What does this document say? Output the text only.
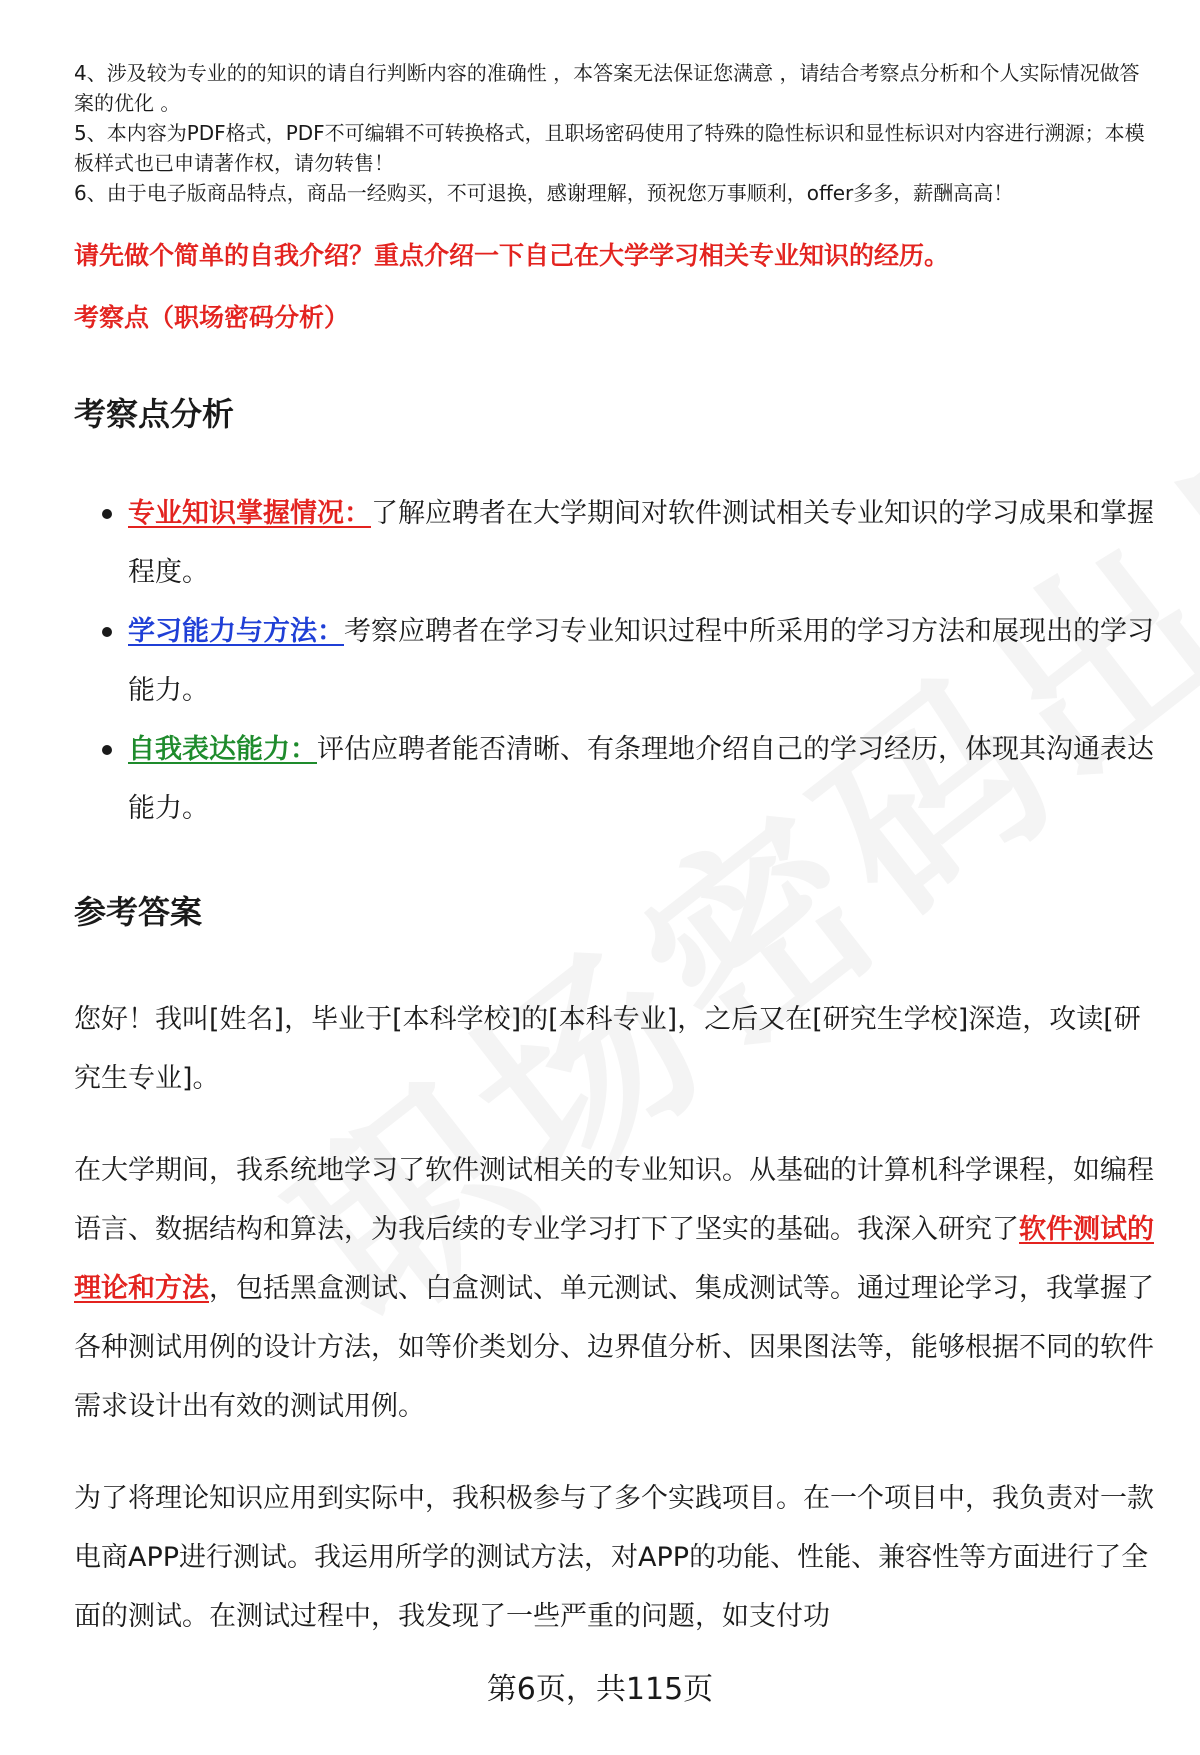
4、涉及较为专业的的知识的请自行判断内容的准确性 ，本答案无法保证您满意 ，请结合考察点分析和个人实际情况做答案的优化 。

5、本内容为PDF格式，PDF不可编辑不可转换格式，且职场密码使用了特殊的隐性标识和显性标识对内容进行溯源；本模板样式也已申请著作权，请勿转售！

6、由于电子版商品特点，商品一经购买，不可退换，感谢理解，预祝您万事顺利，offer多多，薪酬高高！

请先做个简单的自我介绍？重点介绍一下自己在大学学习相关专业知识的经历。
考察点（职场密码分析）
考察点分析
专业知识掌握情况：了解应聘者在大学期间对软件测试相关专业知识的学习成果和掌握程度。
学习能力与方法：考察应聘者在学习专业知识过程中所采用的学习方法和展现出的学习能力。
自我表达能力：评估应聘者能否清晰、有条理地介绍自己的学习经历，体现其沟通表达能力。
参考答案

您好！我叫[姓名]，毕业于[本科学校]的[本科专业]，之后又在[研究生学校]深造，攻读[研究生专业]。

在大学期间，我系统地学习了软件测试相关的专业知识。从基础的计算机科学课程，如编程语言、数据结构和算法，为我后续的专业学习打下了坚实的基础。我深入研究了软件测试的理论和方法，包括黑盒测试、白盒测试、单元测试、集成测试等。通过理论学习，我掌握了各种测试用例的设计方法，如等价类划分、边界值分析、因果图法等，能够根据不同的软件需求设计出有效的测试用例。

为了将理论知识应用到实际中，我积极参与了多个实践项目。在一个项目中，我负责对一款电商APP进行测试。我运用所学的测试方法，对APP的功能、性能、兼容性等方面进行了全面的测试。在测试过程中，我发现了一些严重的问题，如支付功

第6页，共115页
